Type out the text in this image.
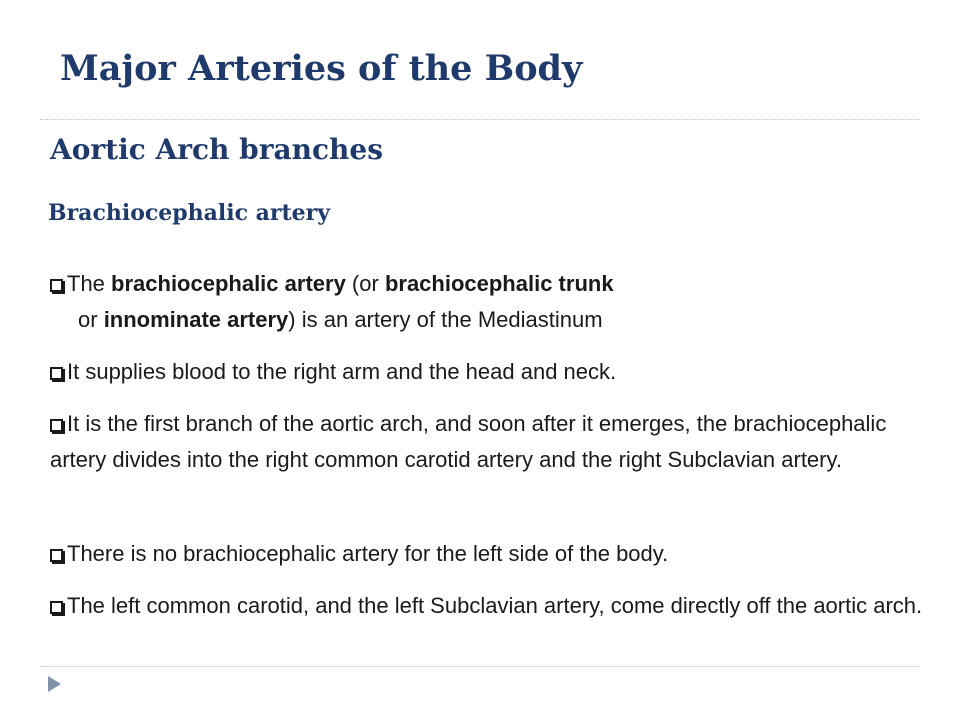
Major Arteries of the Body
Aortic Arch branches
Brachiocephalic artery
The brachiocephalic artery (or brachiocephalic trunk
or innominate artery) is an artery of the Mediastinum
It supplies blood to the right arm and the head and neck.
It is the first branch of the aortic arch, and soon after it emerges, the brachiocephalic artery divides into the right common carotid artery and the right Subclavian artery.
There is no brachiocephalic artery for the left side of the body.
The left common carotid, and the left Subclavian artery, come directly off the aortic arch.
